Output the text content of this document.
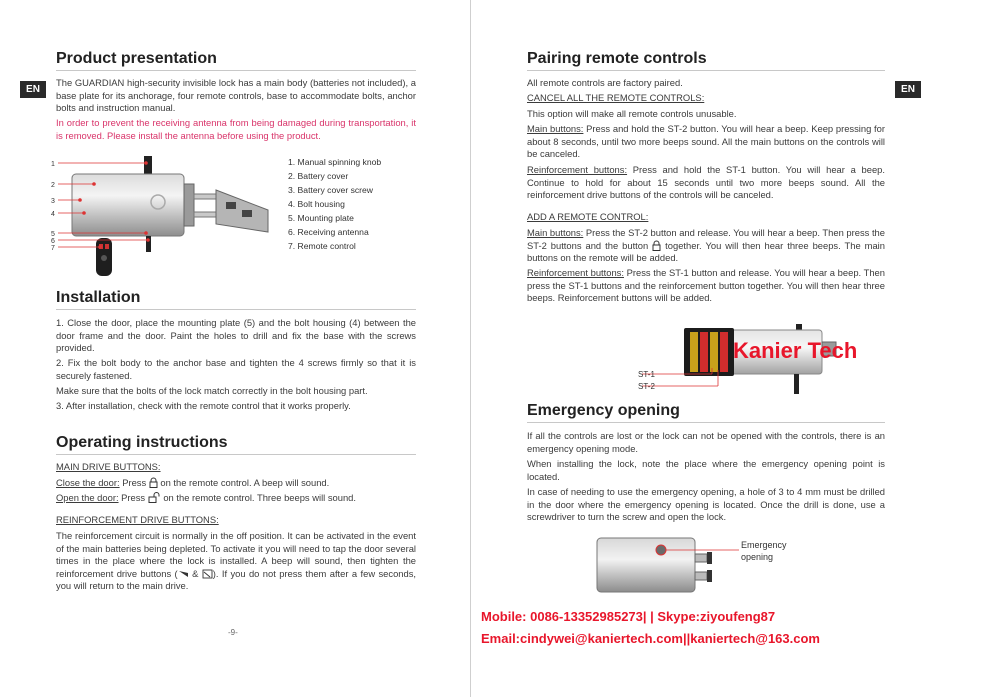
EN
Product presentation
The GUARDIAN high-security invisible lock has a main body (batteries not included), a base plate for its anchorage, four remote controls, base to accommodate bolts, anchor bolts and instruction manual.
In order to prevent the receiving antenna from being damaged during transportation, it is removed. Please install the antenna before using the product.
1
2
3
4
5
6
7
1. Manual spinning knob
2. Battery cover
3. Battery cover screw
4. Bolt housing
5. Mounting plate
6. Receiving antenna
7. Remote control
Installation
1. Close the door, place the mounting plate (5) and the bolt housing (4) between the door frame and the door. Paint the holes to drill and fix the base with the screws provided.
2. Fix the bolt body to the anchor base and tighten the 4 screws firmly so that it is securely fastened.
Make sure that the bolts of the lock match correctly in the bolt housing part.
3. After installation, check with the remote control that it works properly.
Operating instructions
MAIN DRIVE BUTTONS:
Close the door: Press  on the remote control. A beep will sound.
Open the door: Press  on the remote control. Three beeps will sound.
REINFORCEMENT DRIVE BUTTONS:
The reinforcement circuit is normally in the off position. It can be activated in the event of the main batteries being depleted. To activate it you will need to tap the door several times in the place where the lock is installed. A beep will sound, then tighten the reinforcement drive buttons ( & ). If you do not press them after a few seconds, you will return to the main drive.
-9-
EN
Pairing remote controls
All remote controls are factory paired.
CANCEL ALL THE REMOTE CONTROLS:
This option will make all remote controls unusable.
Main buttons: Press and hold the ST-2 button. You will hear a beep. Keep pressing for about 8 seconds, until two more beeps sound. All the main buttons on the controls will be canceled.
Reinforcement buttons: Press and hold the ST-1 button. You will hear a beep. Continue to hold for about 15 seconds until two more beeps sound. All the reinforcement drive buttons of the controls will be canceled.
ADD A REMOTE CONTROL:
Main buttons: Press the ST-2 button and release. You will hear a beep. Then press the ST-2 buttons and the button  together. You will then hear three beeps. The main buttons on the remote will be added.
Reinforcement buttons: Press the ST-1 button and release. You will hear a beep. Then press the ST-1 buttons and the reinforcement button together. You will then hear three beeps. Reinforcement buttons will be added.
ST-1
ST-2
Kanier Tech
Emergency opening
If all the controls are lost or the lock can not be opened with the controls, there is an emergency opening mode.
When installing the lock, note the place where the emergency opening point is located.
In case of needing to use the emergency opening, a hole of 3 to 4 mm must be drilled in the door where the emergency opening is located. Once the drill is done, use a screwdriver to turn the screw and open the lock.
Emergency opening
Mobile: 0086-13352985273| | Skype:ziyoufeng87
Email:cindywei@kaniertech.com||kaniertech@163.com
